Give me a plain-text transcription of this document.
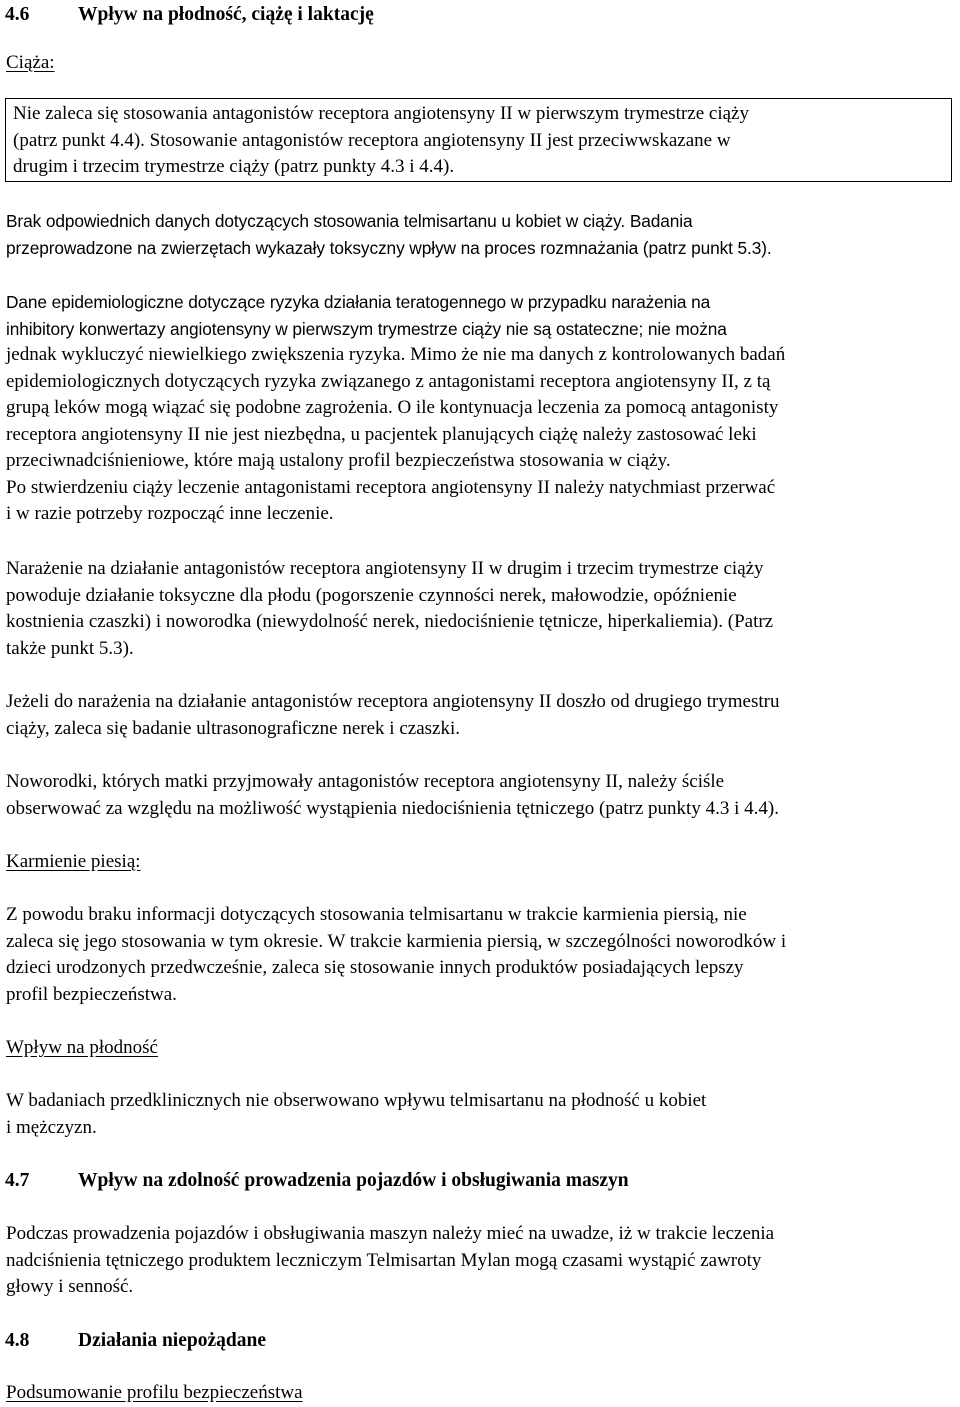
4.6 Wpływ na płodność, ciążę i laktację
Ciąża:
Nie zaleca się stosowania antagonistów receptora angiotensyny II w pierwszym trymestrze ciąży
(patrz punkt 4.4). Stosowanie antagonistów receptora angiotensyny II jest przeciwwskazane w
drugim i trzecim trymestrze ciąży (patrz punkty 4.3 i 4.4).
Brak odpowiednich danych dotyczących stosowania telmisartanu u kobiet w ciąży. Badania
przeprowadzone na zwierzętach wykazały toksyczny wpływ na proces rozmnażania (patrz punkt 5.3).
Dane epidemiologiczne dotyczące ryzyka działania teratogennego w przypadku narażenia na
inhibitory konwertazy angiotensyny w pierwszym trymestrze ciąży nie są ostateczne; nie można
jednak wykluczyć niewielkiego zwiększenia ryzyka. Mimo że nie ma danych z kontrolowanych badań
epidemiologicznych dotyczących ryzyka związanego z antagonistami receptora angiotensyny II, z tą
grupą leków mogą wiązać się podobne zagrożenia. O ile kontynuacja leczenia za pomocą antagonisty
receptora angiotensyny II nie jest niezbędna, u pacjentek planujących ciążę należy zastosować leki
przeciwnadciśnieniowe, które mają ustalony profil bezpieczeństwa stosowania w ciąży.
Po stwierdzeniu ciąży leczenie antagonistami receptora angiotensyny II należy natychmiast przerwać
i w razie potrzeby rozpocząć inne leczenie.
Narażenie na działanie antagonistów receptora angiotensyny II w drugim i trzecim trymestrze ciąży
powoduje działanie toksyczne dla płodu (pogorszenie czynności nerek, małowodzie, opóźnienie
kostnienia czaszki) i noworodka (niewydolność nerek, niedociśnienie tętnicze, hiperkaliemia). (Patrz
także punkt 5.3).
Jeżeli do narażenia na działanie antagonistów receptora angiotensyny II doszło od drugiego trymestru
ciąży, zaleca się badanie ultrasonograficzne nerek i czaszki.
Noworodki, których matki przyjmowały antagonistów receptora angiotensyny II, należy ściśle
obserwować za względu na możliwość wystąpienia niedociśnienia tętniczego (patrz punkty 4.3 i 4.4).
Karmienie piesią:
Z powodu braku informacji dotyczących stosowania telmisartanu w trakcie karmienia piersią, nie
zaleca się jego stosowania w tym okresie. W trakcie karmienia piersią, w szczególności noworodków i
dzieci urodzonych przedwcześnie, zaleca się stosowanie innych produktów posiadających lepszy
profil bezpieczeństwa.
Wpływ na płodność
W badaniach przedklinicznych nie obserwowano wpływu telmisartanu na płodność u kobiet
i mężczyzn.
4.7 Wpływ na zdolność prowadzenia pojazdów i obsługiwania maszyn
Podczas prowadzenia pojazdów i obsługiwania maszyn należy mieć na uwadze, iż w trakcie leczenia
nadciśnienia tętniczego produktem leczniczym Telmisartan Mylan mogą czasami wystąpić zawroty
głowy i senność.
4.8 Działania niepożądane
Podsumowanie profilu bezpieczeństwa
